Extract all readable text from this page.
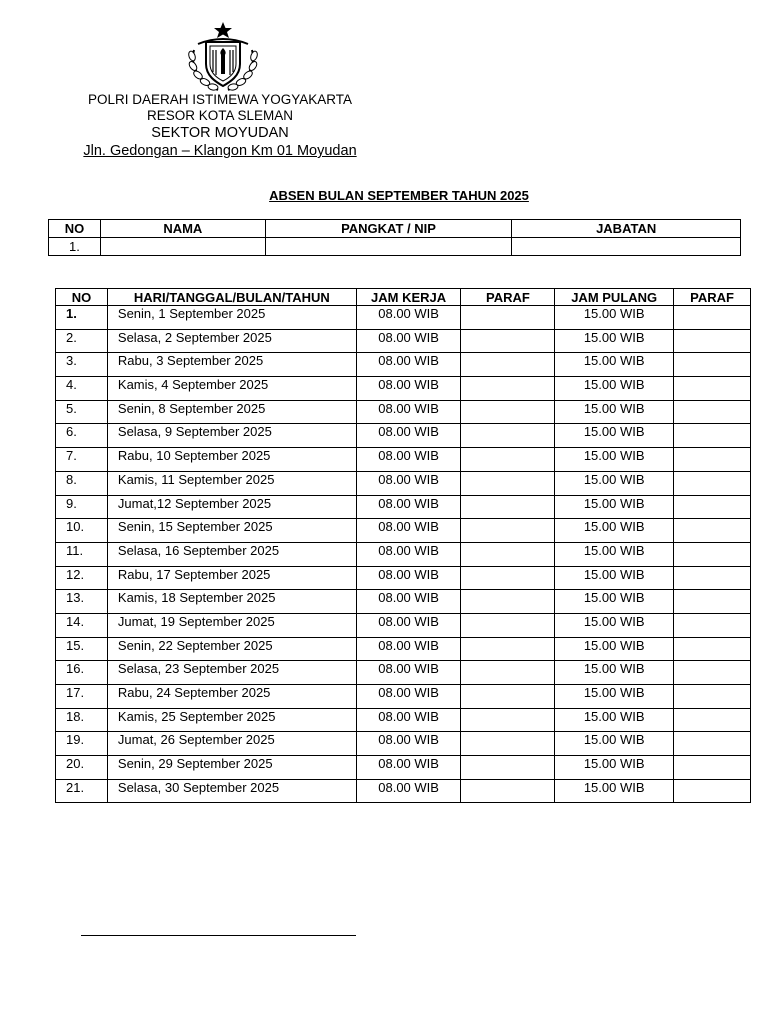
POLRI DAERAH ISTIMEWA YOGYAKARTA
RESOR KOTA SLEMAN
SEKTOR MOYUDAN
Jln. Gedongan – Klangon Km 01 Moyudan
ABSEN BULAN SEPTEMBER TAHUN 2025
NO	NAMA	PANGKAT / NIP	JABATAN
1.			
NO	HARI/TANGGAL/BULAN/TAHUN	JAM KERJA	PARAF	JAM PULANG	PARAF
1.	Senin, 1 September 2025	08.00 WIB		15.00 WIB	
2.	Selasa, 2 September 2025	08.00 WIB		15.00 WIB	
3.	Rabu, 3 September 2025	08.00 WIB		15.00 WIB	
4.	Kamis, 4 September 2025	08.00 WIB		15.00 WIB	
5.	Senin, 8 September 2025	08.00 WIB		15.00 WIB	
6.	Selasa, 9 September 2025	08.00 WIB		15.00 WIB	
7.	Rabu, 10 September 2025	08.00 WIB		15.00 WIB	
8.	Kamis, 11 September 2025	08.00 WIB		15.00 WIB	
9.	Jumat,12 September 2025	08.00 WIB		15.00 WIB	
10.	Senin, 15 September 2025	08.00 WIB		15.00 WIB	
11.	Selasa, 16 September 2025	08.00 WIB		15.00 WIB	
12.	Rabu, 17 September 2025	08.00 WIB		15.00 WIB	
13.	Kamis, 18 September 2025	08.00 WIB		15.00 WIB	
14.	Jumat, 19 September 2025	08.00 WIB		15.00 WIB	
15.	Senin, 22 September 2025	08.00 WIB		15.00 WIB	
16.	Selasa, 23 September 2025	08.00 WIB		15.00 WIB	
17.	Rabu, 24 September 2025	08.00 WIB		15.00 WIB	
18.	Kamis, 25 September 2025	08.00 WIB		15.00 WIB	
19.	Jumat, 26 September 2025	08.00 WIB		15.00 WIB	
20.	Senin, 29 September 2025	08.00 WIB		15.00 WIB	
21.	Selasa, 30 September 2025	08.00 WIB		15.00 WIB	
